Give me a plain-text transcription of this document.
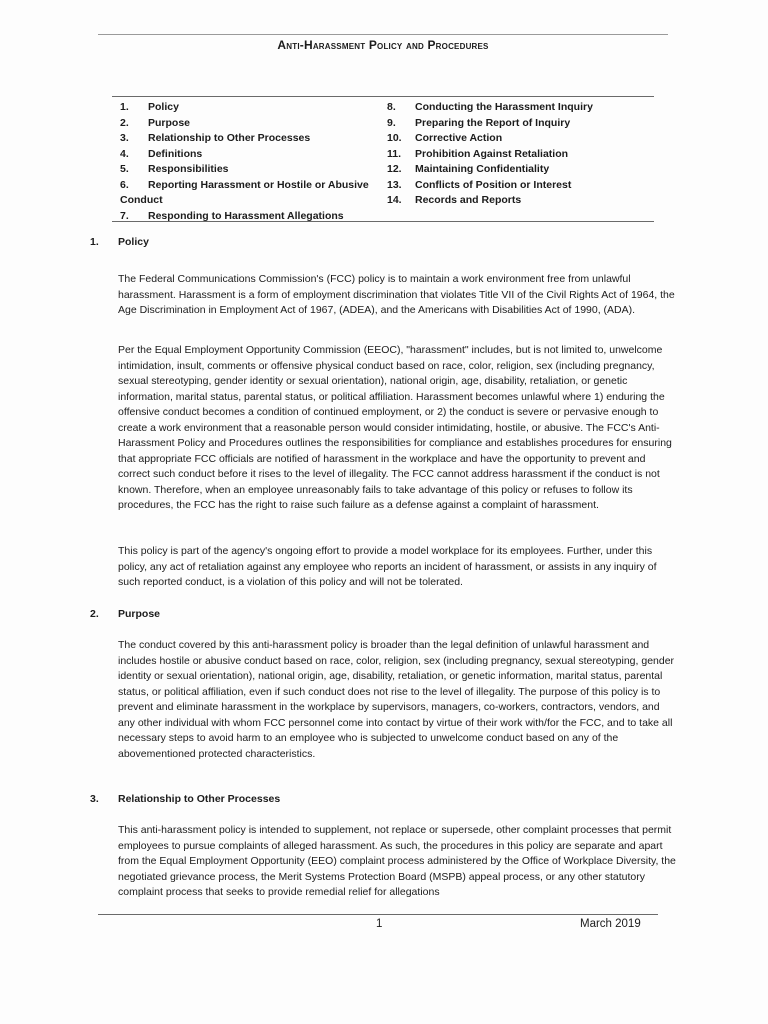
Anti-Harassment Policy and Procedures
1. Policy
2. Purpose
3. Relationship to Other Processes
4. Definitions
5. Responsibilities
6. Reporting Harassment or Hostile or Abusive
Conduct
7. Responding to Harassment Allegations
8. Conducting the Harassment Inquiry
9. Preparing the Report of Inquiry
10. Corrective Action
11. Prohibition Against Retaliation
12. Maintaining Confidentiality
13. Conflicts of Position or Interest
14. Records and Reports
1. Policy

The Federal Communications Commission's (FCC) policy is to maintain a work environment free from unlawful harassment. Harassment is a form of employment discrimination that violates Title VII of the Civil Rights Act of 1964, the Age Discrimination in Employment Act of 1967, (ADEA), and the Americans with Disabilities Act of 1990, (ADA).

Per the Equal Employment Opportunity Commission (EEOC), "harassment" includes, but is not limited to, unwelcome intimidation, insult, comments or offensive physical conduct based on race, color, religion, sex (including pregnancy, sexual stereotyping, gender identity or sexual orientation), national origin, age, disability, retaliation, or genetic information, marital status, parental status, or political affiliation. Harassment becomes unlawful where 1) enduring the offensive conduct becomes a condition of continued employment, or 2) the conduct is severe or pervasive enough to create a work environment that a reasonable person would consider intimidating, hostile, or abusive. The FCC's Anti-Harassment Policy and Procedures outlines the responsibilities for compliance and establishes procedures for ensuring that appropriate FCC officials are notified of harassment in the workplace and have the opportunity to prevent and correct such conduct before it rises to the level of illegality. The FCC cannot address harassment if the conduct is not known. Therefore, when an employee unreasonably fails to take advantage of this policy or refuses to follow its procedures, the FCC has the right to raise such failure as a defense against a complaint of harassment.

This policy is part of the agency's ongoing effort to provide a model workplace for its employees. Further, under this policy, any act of retaliation against any employee who reports an incident of harassment, or assists in any inquiry of such reported conduct, is a violation of this policy and will not be tolerated.

2. Purpose

The conduct covered by this anti-harassment policy is broader than the legal definition of unlawful harassment and includes hostile or abusive conduct based on race, color, religion, sex (including pregnancy, sexual stereotyping, gender identity or sexual orientation), national origin, age, disability, retaliation, or genetic information, marital status, parental status, or political affiliation, even if such conduct does not rise to the level of illegality. The purpose of this policy is to prevent and eliminate harassment in the workplace by supervisors, managers, co-workers, contractors, vendors, and any other individual with whom FCC personnel come into contact by virtue of their work with/for the FCC, and to take all necessary steps to avoid harm to an employee who is subjected to unwelcome conduct based on any of the abovementioned protected characteristics.

3. Relationship to Other Processes

This anti-harassment policy is intended to supplement, not replace or supersede, other complaint processes that permit employees to pursue complaints of alleged harassment. As such, the procedures in this policy are separate and apart from the Equal Employment Opportunity (EEO) complaint process administered by the Office of Workplace Diversity, the negotiated grievance process, the Merit Systems Protection Board (MSPB) appeal process, or any other statutory complaint process that seeks to provide remedial relief for allegations

1	March 2019
